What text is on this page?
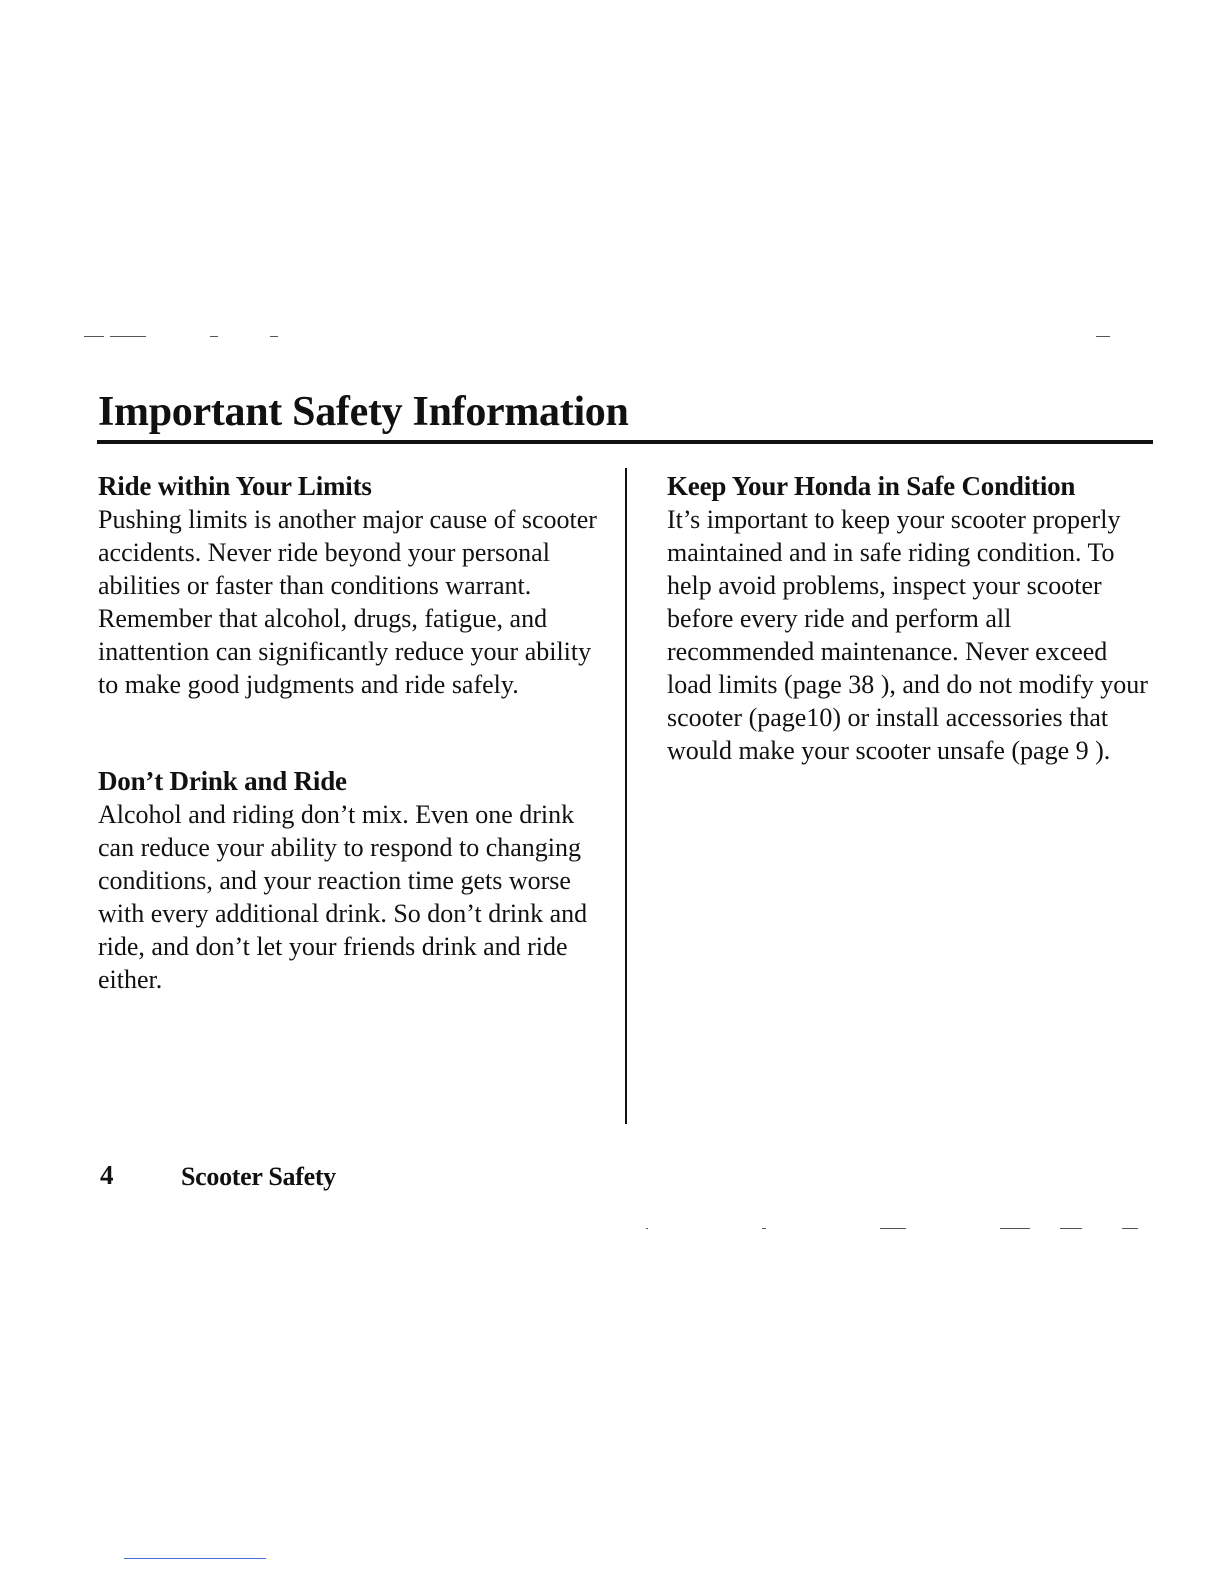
Important Safety Information
Ride within Your Limits

Pushing limits is another major cause of scooter accidents. Never ride beyond your personal abilities or faster than conditions warrant. Remember that alcohol, drugs, fatigue, and inattention can significantly reduce your ability to make good judgments and ride safely.

Don’t Drink and Ride

Alcohol and riding don’t mix. Even one drink can reduce your ability to respond to changing conditions, and your reaction time gets worse with every additional drink. So don’t drink and ride, and don’t let your friends drink and ride either.

Keep Your Honda in Safe Condition

It’s important to keep your scooter properly maintained and in safe riding condition. To help avoid problems, inspect your scooter before every ride and perform all recommended maintenance. Never exceed load limits (page 38 ), and do not modify your scooter (page10) or install accessories that would make your scooter unsafe (page 9 ).

4	Scooter Safety
